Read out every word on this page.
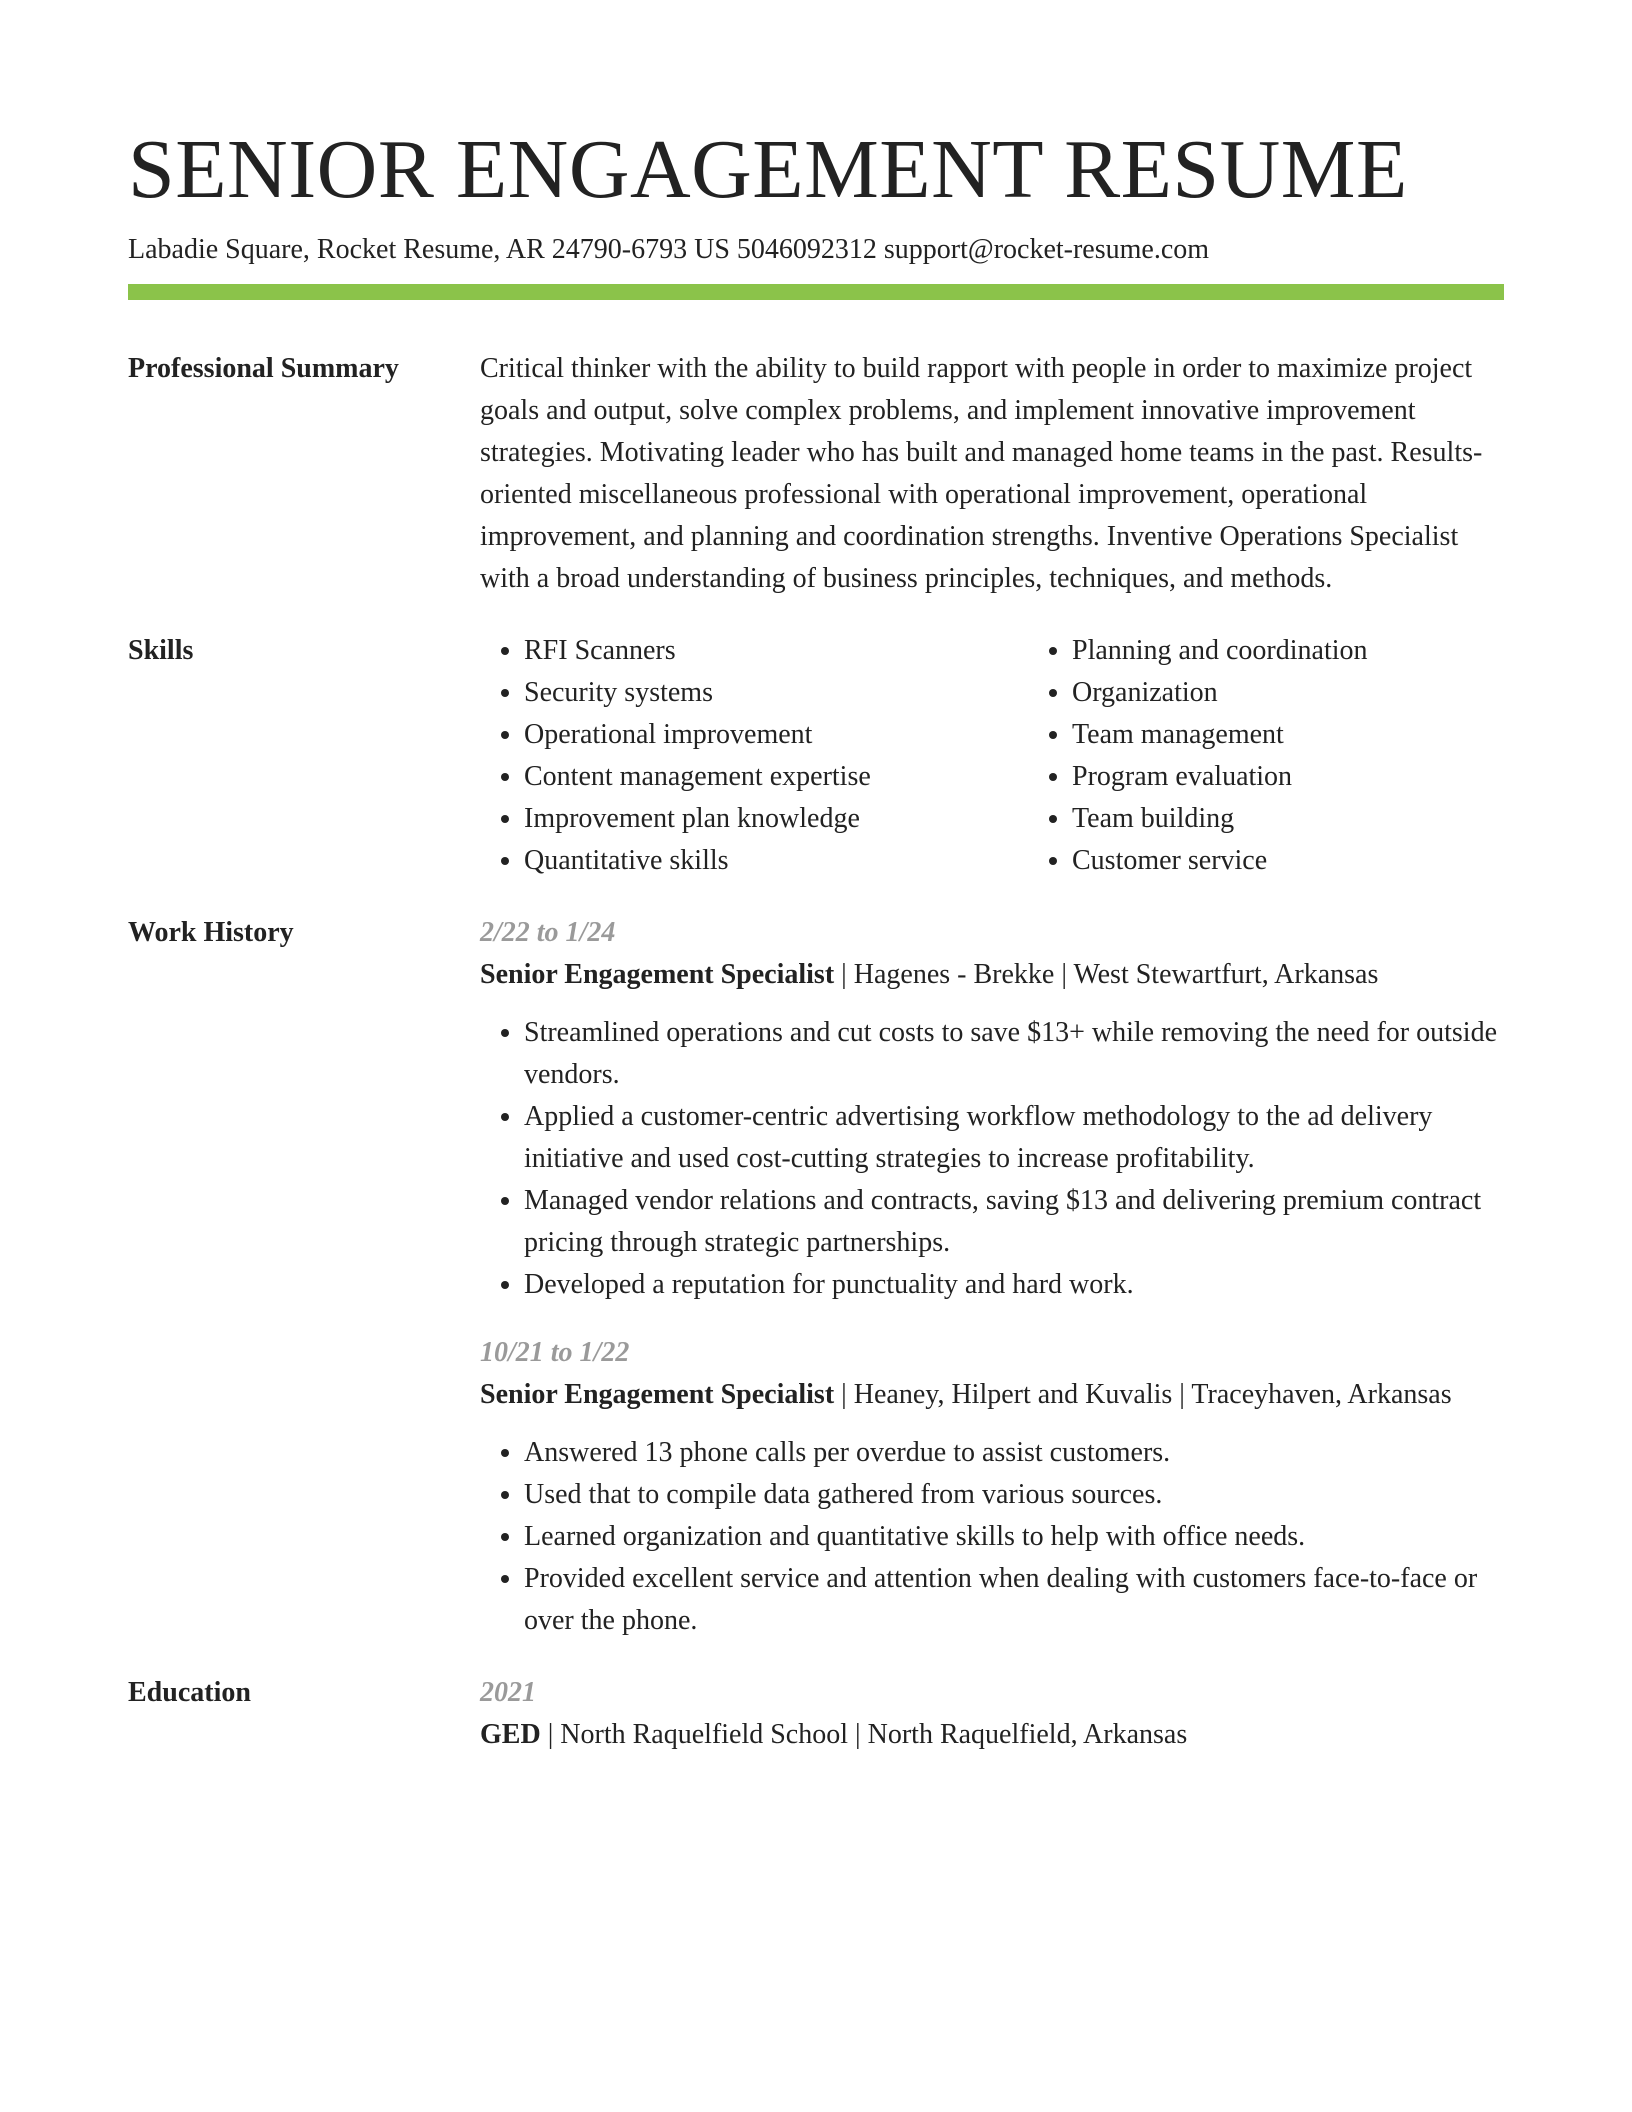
SENIOR ENGAGEMENT RESUME
Labadie Square, Rocket Resume, AR 24790-6793 US 5046092312 support@rocket-resume.com
Professional Summary	Critical thinker with the ability to build rapport with people in order to maximize project goals and output, solve complex problems, and implement innovative improvement strategies. Motivating leader who has built and managed home teams in the past. Results-oriented miscellaneous professional with operational improvement, operational improvement, and planning and coordination strengths. Inventive Operations Specialist with a broad understanding of business principles, techniques, and methods.

Skills
•	RFI Scanners
• Security systems
• Operational improvement
• Content management expertise
• Improvement plan knowledge
• Quantitative skills
• Planning and coordination
• Organization
• Team management
• Program evaluation
• Team building
• Customer service
Work History	2/22 to 1/24
Senior Engagement Specialist | Hagenes - Brekke | West Stewartfurt, Arkansas
• Streamlined operations and cut costs to save $13+ while removing the need for outside vendors.
• Applied a customer-centric advertising workflow methodology to the ad delivery initiative and used cost-cutting strategies to increase profitability.
• Managed vendor relations and contracts, saving $13 and delivering premium contract pricing through strategic partnerships.
• Developed a reputation for punctuality and hard work.
10/21 to 1/22
Senior Engagement Specialist | Heaney, Hilpert and Kuvalis | Traceyhaven, Arkansas
• Answered 13 phone calls per overdue to assist customers.
• Used that to compile data gathered from various sources.
• Learned organization and quantitative skills to help with office needs.
• Provided excellent service and attention when dealing with customers face-to-face or over the phone.
Education	2021
GED | North Raquelfield School | North Raquelfield, Arkansas
